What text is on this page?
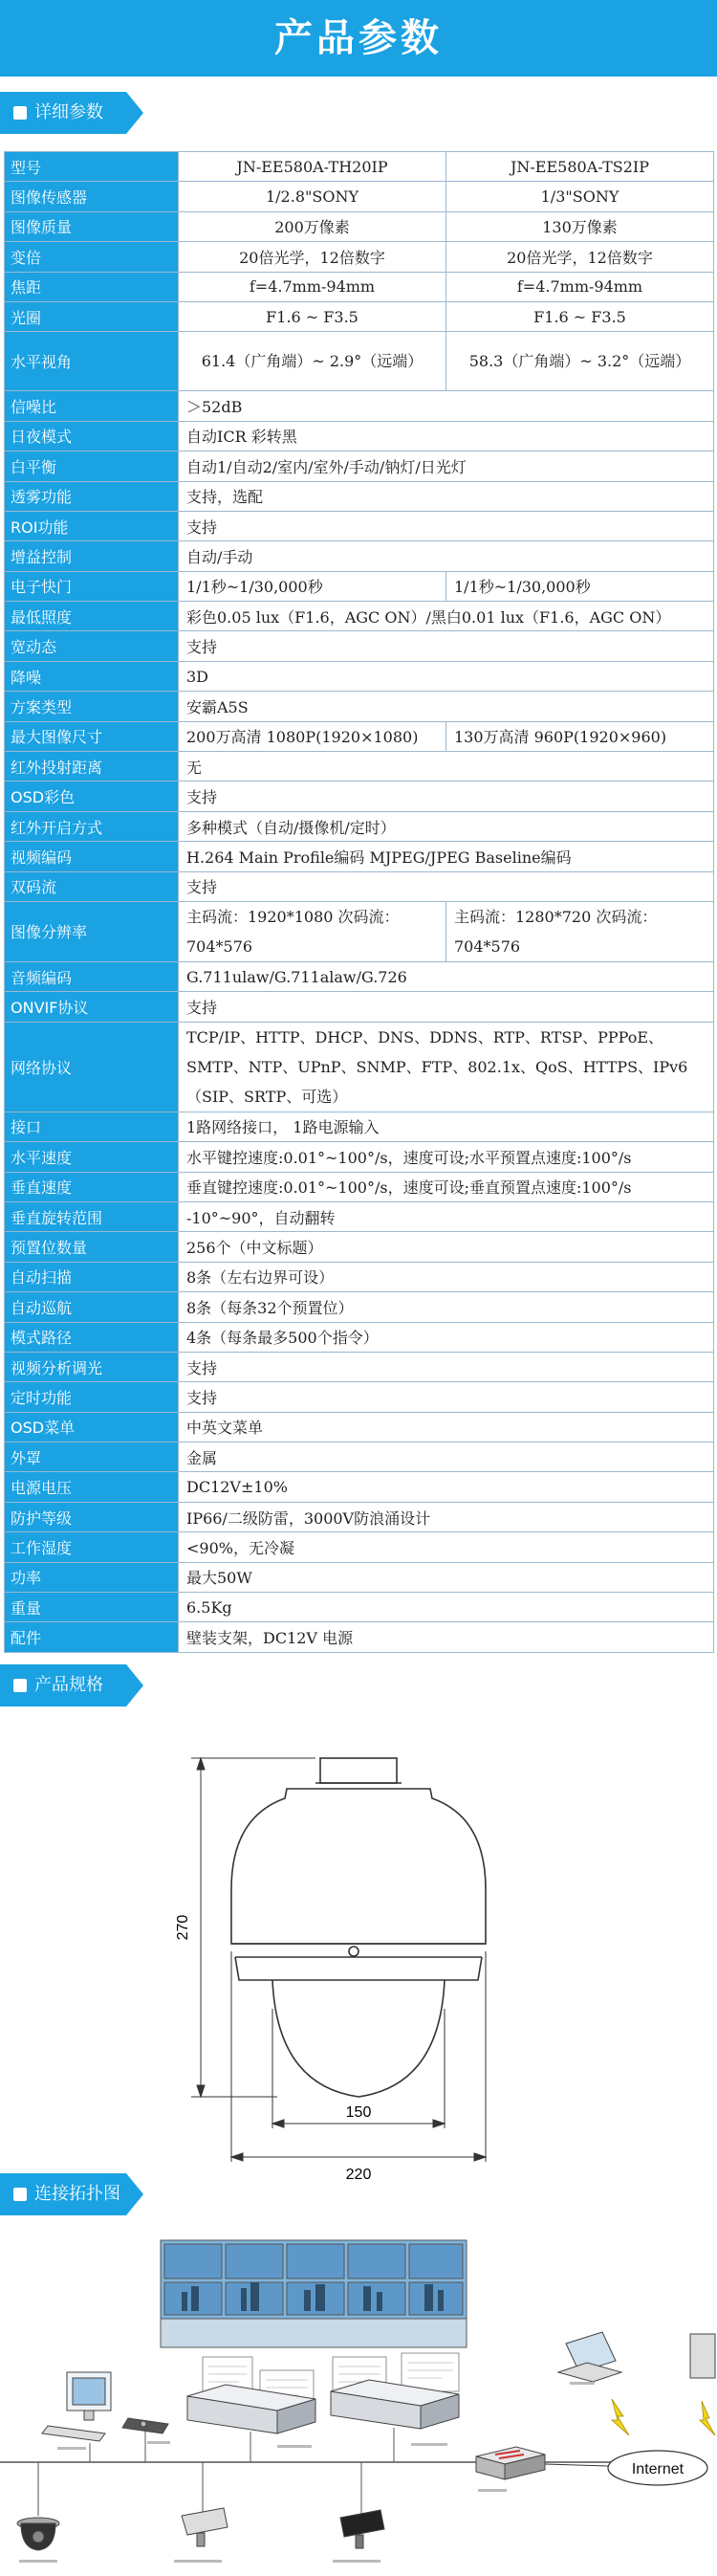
产品参数
详细参数
型号	JN-EE580A-TH20IP	JN-EE580A-TS2IP
图像传感器	1/2.8"SONY	1/3"SONY
图像质量	200万像素	130万像素
变倍	20倍光学，12倍数字	20倍光学，12倍数字
焦距	f=4.7mm-94mm	f=4.7mm-94mm
光圈	F1.6 ~ F3.5	F1.6 ~ F3.5
水平视角	61.4（广角端）~ 2.9°（远端）	58.3（广角端）~ 3.2°（远端）
信噪比	＞52dB	
日夜模式	自动ICR 彩转黑	
白平衡	自动1/自动2/室内/室外/手动/钠灯/日光灯	
透雾功能	支持，选配	
ROI功能	支持	
增益控制	自动/手动	
电子快门	1/1秒~1/30,000秒	1/1秒~1/30,000秒
最低照度	彩色0.05 lux（F1.6，AGC ON）/黑白0.01 lux（F1.6，AGC ON）	
宽动态	支持	
降噪	3D	
方案类型	安霸A5S	
最大图像尺寸	200万高清 1080P(1920×1080)	130万高清 960P(1920×960)
红外投射距离	无	
OSD彩色	支持	
红外开启方式	多种模式（自动/摄像机/定时）	
视频编码	H.264 Main Profile编码 MJPEG/JPEG Baseline编码	
双码流	支持	
图像分辨率	主码流：1920*1080 次码流：704*576	主码流：1280*720 次码流：704*576
音频编码	G.711ulaw/G.711alaw/G.726	
ONVIF协议	支持	
网络协议	TCP/IP、HTTP、DHCP、DNS、DDNS、RTP、RTSP、PPPoE、SMTP、NTP、UPnP、SNMP、FTP、802.1x、QoS、HTTPS、IPv6（SIP、SRTP、可选）	
接口	1路网络接口， 1路电源输入	
水平速度	水平键控速度:0.01°~100°/s，速度可设;水平预置点速度:100°/s	
垂直速度	垂直键控速度:0.01°~100°/s，速度可设;垂直预置点速度:100°/s	
垂直旋转范围	-10°~90°，自动翻转	
预置位数量	256个（中文标题）	
自动扫描	8条（左右边界可设）	
自动巡航	8条（每条32个预置位）	
模式路径	4条（每条最多500个指令）	
视频分析调光	支持	
定时功能	支持	
OSD菜单	中英文菜单	
外罩	金属	
电源电压	DC12V±10%	
防护等级	IP66/二级防雷，3000V防浪涌设计	
工作湿度	<90%，无冷凝	
功率	最大50W	
重量	6.5Kg	
配件	壁装支架，DC12V 电源	
产品规格
270
150
220
连接拓扑图
Internet
